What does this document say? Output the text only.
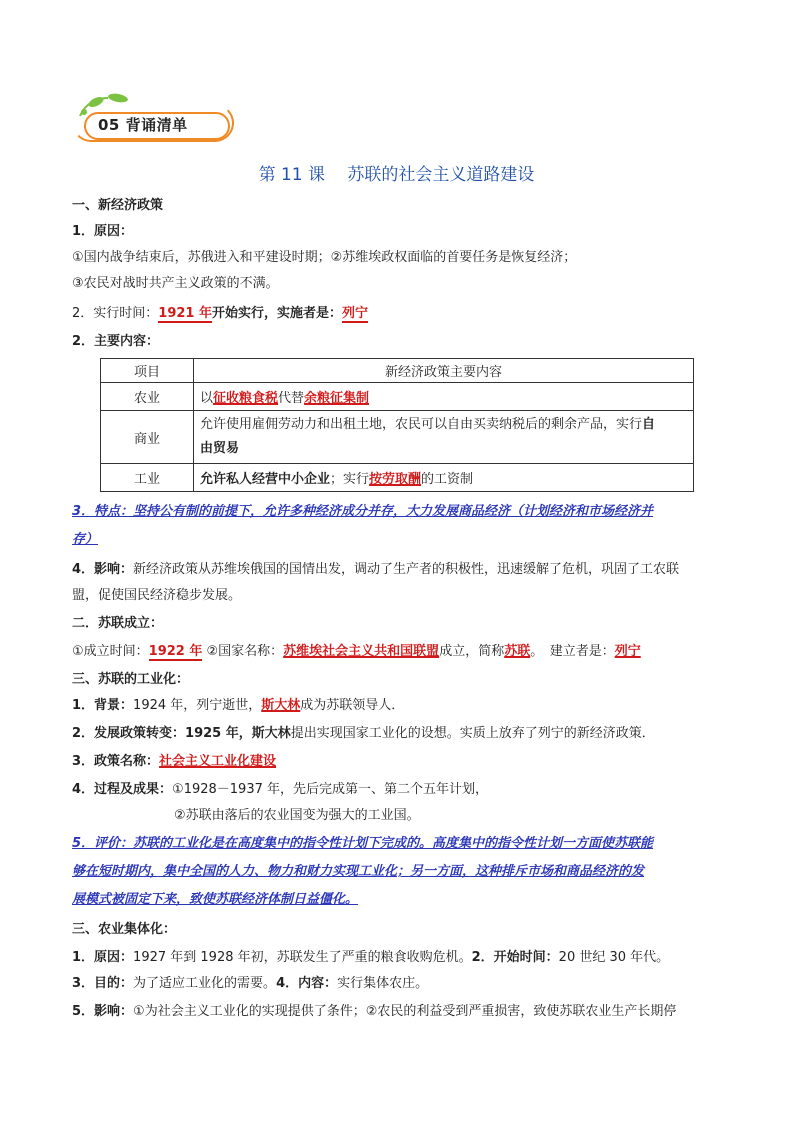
05 背诵清单
第 11 课　 苏联的社会主义道路建设
一、新经济政策
1．原因：
①国内战争结束后，苏俄进入和平建设时期；②苏维埃政权面临的首要任务是恢复经济；
③农民对战时共产主义政策的不满。
2．实行时间：1921 年开始实行，实施者是：列宁
2．主要内容：
项目	新经济政策主要内容
农业	以征收粮食税代替余粮征集制
商业	允许使用雇佣劳动力和出租土地，农民可以自由买卖纳税后的剩余产品，实行自
由贸易
工业	允许私人经营中小企业；实行按劳取酬的工资制
3．特点：坚持公有制的前提下，允许多种经济成分并存，大力发展商品经济（计划经济和市场经济并
存）
4．影响：新经济政策从苏维埃俄国的国情出发，调动了生产者的积极性，迅速缓解了危机，巩固了工农联
盟，促使国民经济稳步发展。
二．苏联成立：
①成立时间：1922 年 ②国家名称：苏维埃社会主义共和国联盟成立，简称苏联。　建立者是：列宁
三、苏联的工业化：
1．背景：1924 年，列宁逝世，斯大林成为苏联领导人．
2．发展政策转变：1925 年，斯大林提出实现国家工业化的设想。实质上放弃了列宁的新经济政策．
3．政策名称：社会主义工业化建设
4．过程及成果：①1928－1937 年，先后完成第一、第二个五年计划，
②苏联由落后的农业国变为强大的工业国。
5．评价：苏联的工业化是在高度集中的指令性计划下完成的。高度集中的指令性计划一方面使苏联能
够在短时期内，集中全国的人力、物力和财力实现工业化；另一方面，这种排斥市场和商品经济的发
展模式被固定下来，致使苏联经济体制日益僵化。
三、农业集体化：
1．原因：1927 年到 1928 年初，苏联发生了严重的粮食收购危机。2．开始时间：20 世纪 30 年代。
3．目的：为了适应工业化的需要。4．内容：实行集体农庄。
5．影响：①为社会主义工业化的实现提供了条件；②农民的利益受到严重损害，致使苏联农业生产长期停
